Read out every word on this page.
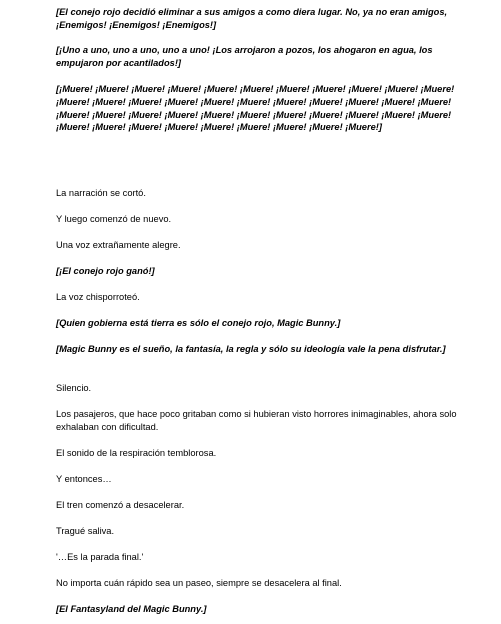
[El conejo rojo decidió eliminar a sus amigos a como diera lugar. No, ya no eran amigos, ¡Enemigos! ¡Enemigos! ¡Enemigos!]

[¡Uno a uno, uno a uno, uno a uno! ¡Los arrojaron a pozos, los ahogaron en agua, los empujaron por acantilados!]

[¡Muere! ¡Muere! ¡Muere! ¡Muere! ¡Muere! ¡Muere! ¡Muere! ¡Muere! ¡Muere! ¡Muere! ¡Muere! ¡Muere! ¡Muere! ¡Muere! ¡Muere! ¡Muere! ¡Muere! ¡Muere! ¡Muere! ¡Muere! ¡Muere! ¡Muere! ¡Muere! ¡Muere! ¡Muere! ¡Muere! ¡Muere! ¡Muere! ¡Muere! ¡Muere! ¡Muere! ¡Muere! ¡Muere! ¡Muere! ¡Muere! ¡Muere! ¡Muere! ¡Muere! ¡Muere! ¡Muere! ¡Muere! ¡Muere!]

La narración se cortó.

Y luego comenzó de nuevo.

Una voz extrañamente alegre.

[¡El conejo rojo ganó!]

La voz chisporroteó.

[Quien gobierna está tierra es sólo el conejo rojo, Magic Bunny.]

[Magic Bunny es el sueño, la fantasía, la regla y sólo su ideología vale la pena disfrutar.]

Silencio.

Los pasajeros, que hace poco gritaban como si hubieran visto horrores inimaginables, ahora solo exhalaban con dificultad.

El sonido de la respiración temblorosa.

Y entonces…

El tren comenzó a desacelerar.

Tragué saliva.

'…Es la parada final.'

No importa cuán rápido sea un paseo, siempre se desacelera al final.

[El Fantasyland del Magic Bunny.]
